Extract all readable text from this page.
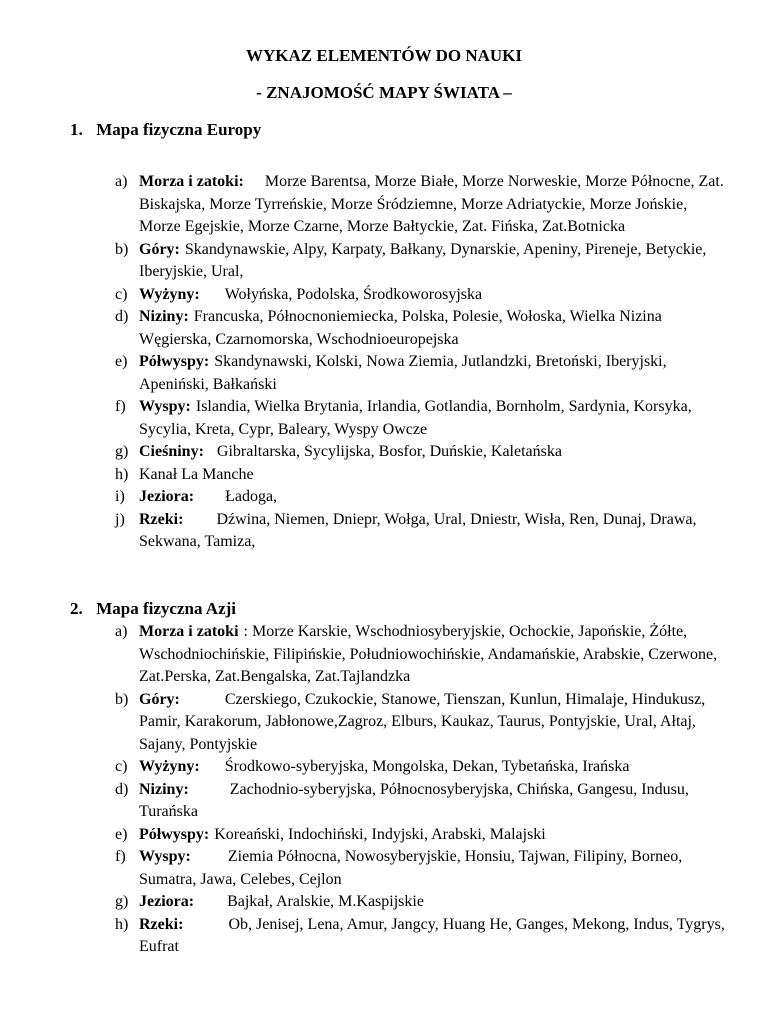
WYKAZ ELEMENTÓW DO NAUKI

- ZNAJOMOŚĆ MAPY ŚWIATA –

1. Mapa fizyczna Europy

a) Morza i zatoki: Morze Barentsa, Morze Białe, Morze Norweskie, Morze Północne, Zat. Biskajska, Morze Tyrreńskie, Morze Śródziemne, Morze Adriatyckie, Morze Jońskie, Morze Egejskie, Morze Czarne, Morze Bałtyckie, Zat. Fińska, Zat.Botnicka
b) Góry: Skandynawskie, Alpy, Karpaty, Bałkany, Dynarskie, Apeniny, Pireneje, Betyckie, Iberyjskie, Ural,
c) Wyżyny: Wołyńska, Podolska, Środkoworosyjska
d) Niziny: Francuska, Północnoniemiecka, Polska, Polesie, Wołoska, Wielka Nizina Węgierska, Czarnomorska, Wschodnioeuropejska
e) Półwyspy: Skandynawski, Kolski, Nowa Ziemia, Jutlandzki, Bretoński, Iberyjski, Apeniński, Bałkański
f) Wyspy: Islandia, Wielka Brytania, Irlandia, Gotlandia, Bornholm, Sardynia, Korsyka, Sycylia, Kreta, Cypr, Baleary, Wyspy Owcze
g) Cieśniny: Gibraltarska, Sycylijska, Bosfor, Duńskie, Kaletańska
h) Kanał La Manche
i) Jeziora: Ładoga,
j) Rzeki: Dźwina, Niemen, Dniepr, Wołga, Ural, Dniestr, Wisła, Ren, Dunaj, Drawa, Sekwana, Tamiza,

2. Mapa fizyczna Azji

a) Morza i zatoki : Morze Karskie, Wschodniosyberyjskie, Ochockie, Japońskie, Żółte, Wschodniochińskie, Filipińskie, Południowochińskie, Andamańskie, Arabskie, Czerwone, Zat.Perska, Zat.Bengalska, Zat.Tajlandzka
b) Góry:	Czerskiego, Czukockie, Stanowe, Tienszan, Kunlun, Himalaje, Hindukusz, Pamir, Karakorum, Jabłonowe,Zagroz, Elburs, Kaukaz, Taurus, Pontyjskie, Ural, Ałtaj, Sajany, Pontyjskie
c) Wyżyny: Środkowo-syberyjska, Mongolska, Dekan, Tybetańska, Irańska
d) Niziny:	Zachodnio-syberyjska, Północnosyberyjska, Chińska, Gangesu, Indusu, Turańska
e) Półwyspy: Koreański, Indochiński, Indyjski, Arabski, Malajski
f) Wyspy: Ziemia Północna, Nowosyberyjskie, Honsiu, Tajwan, Filipiny, Borneo, Sumatra, Jawa, Celebes, Cejlon
g) Jeziora: Bajkał, Aralskie, M.Kaspijskie
h) Rzeki:	Ob, Jenisej, Lena, Amur, Jangcy, Huang He, Ganges, Mekong, Indus, Tygrys, Eufrat
